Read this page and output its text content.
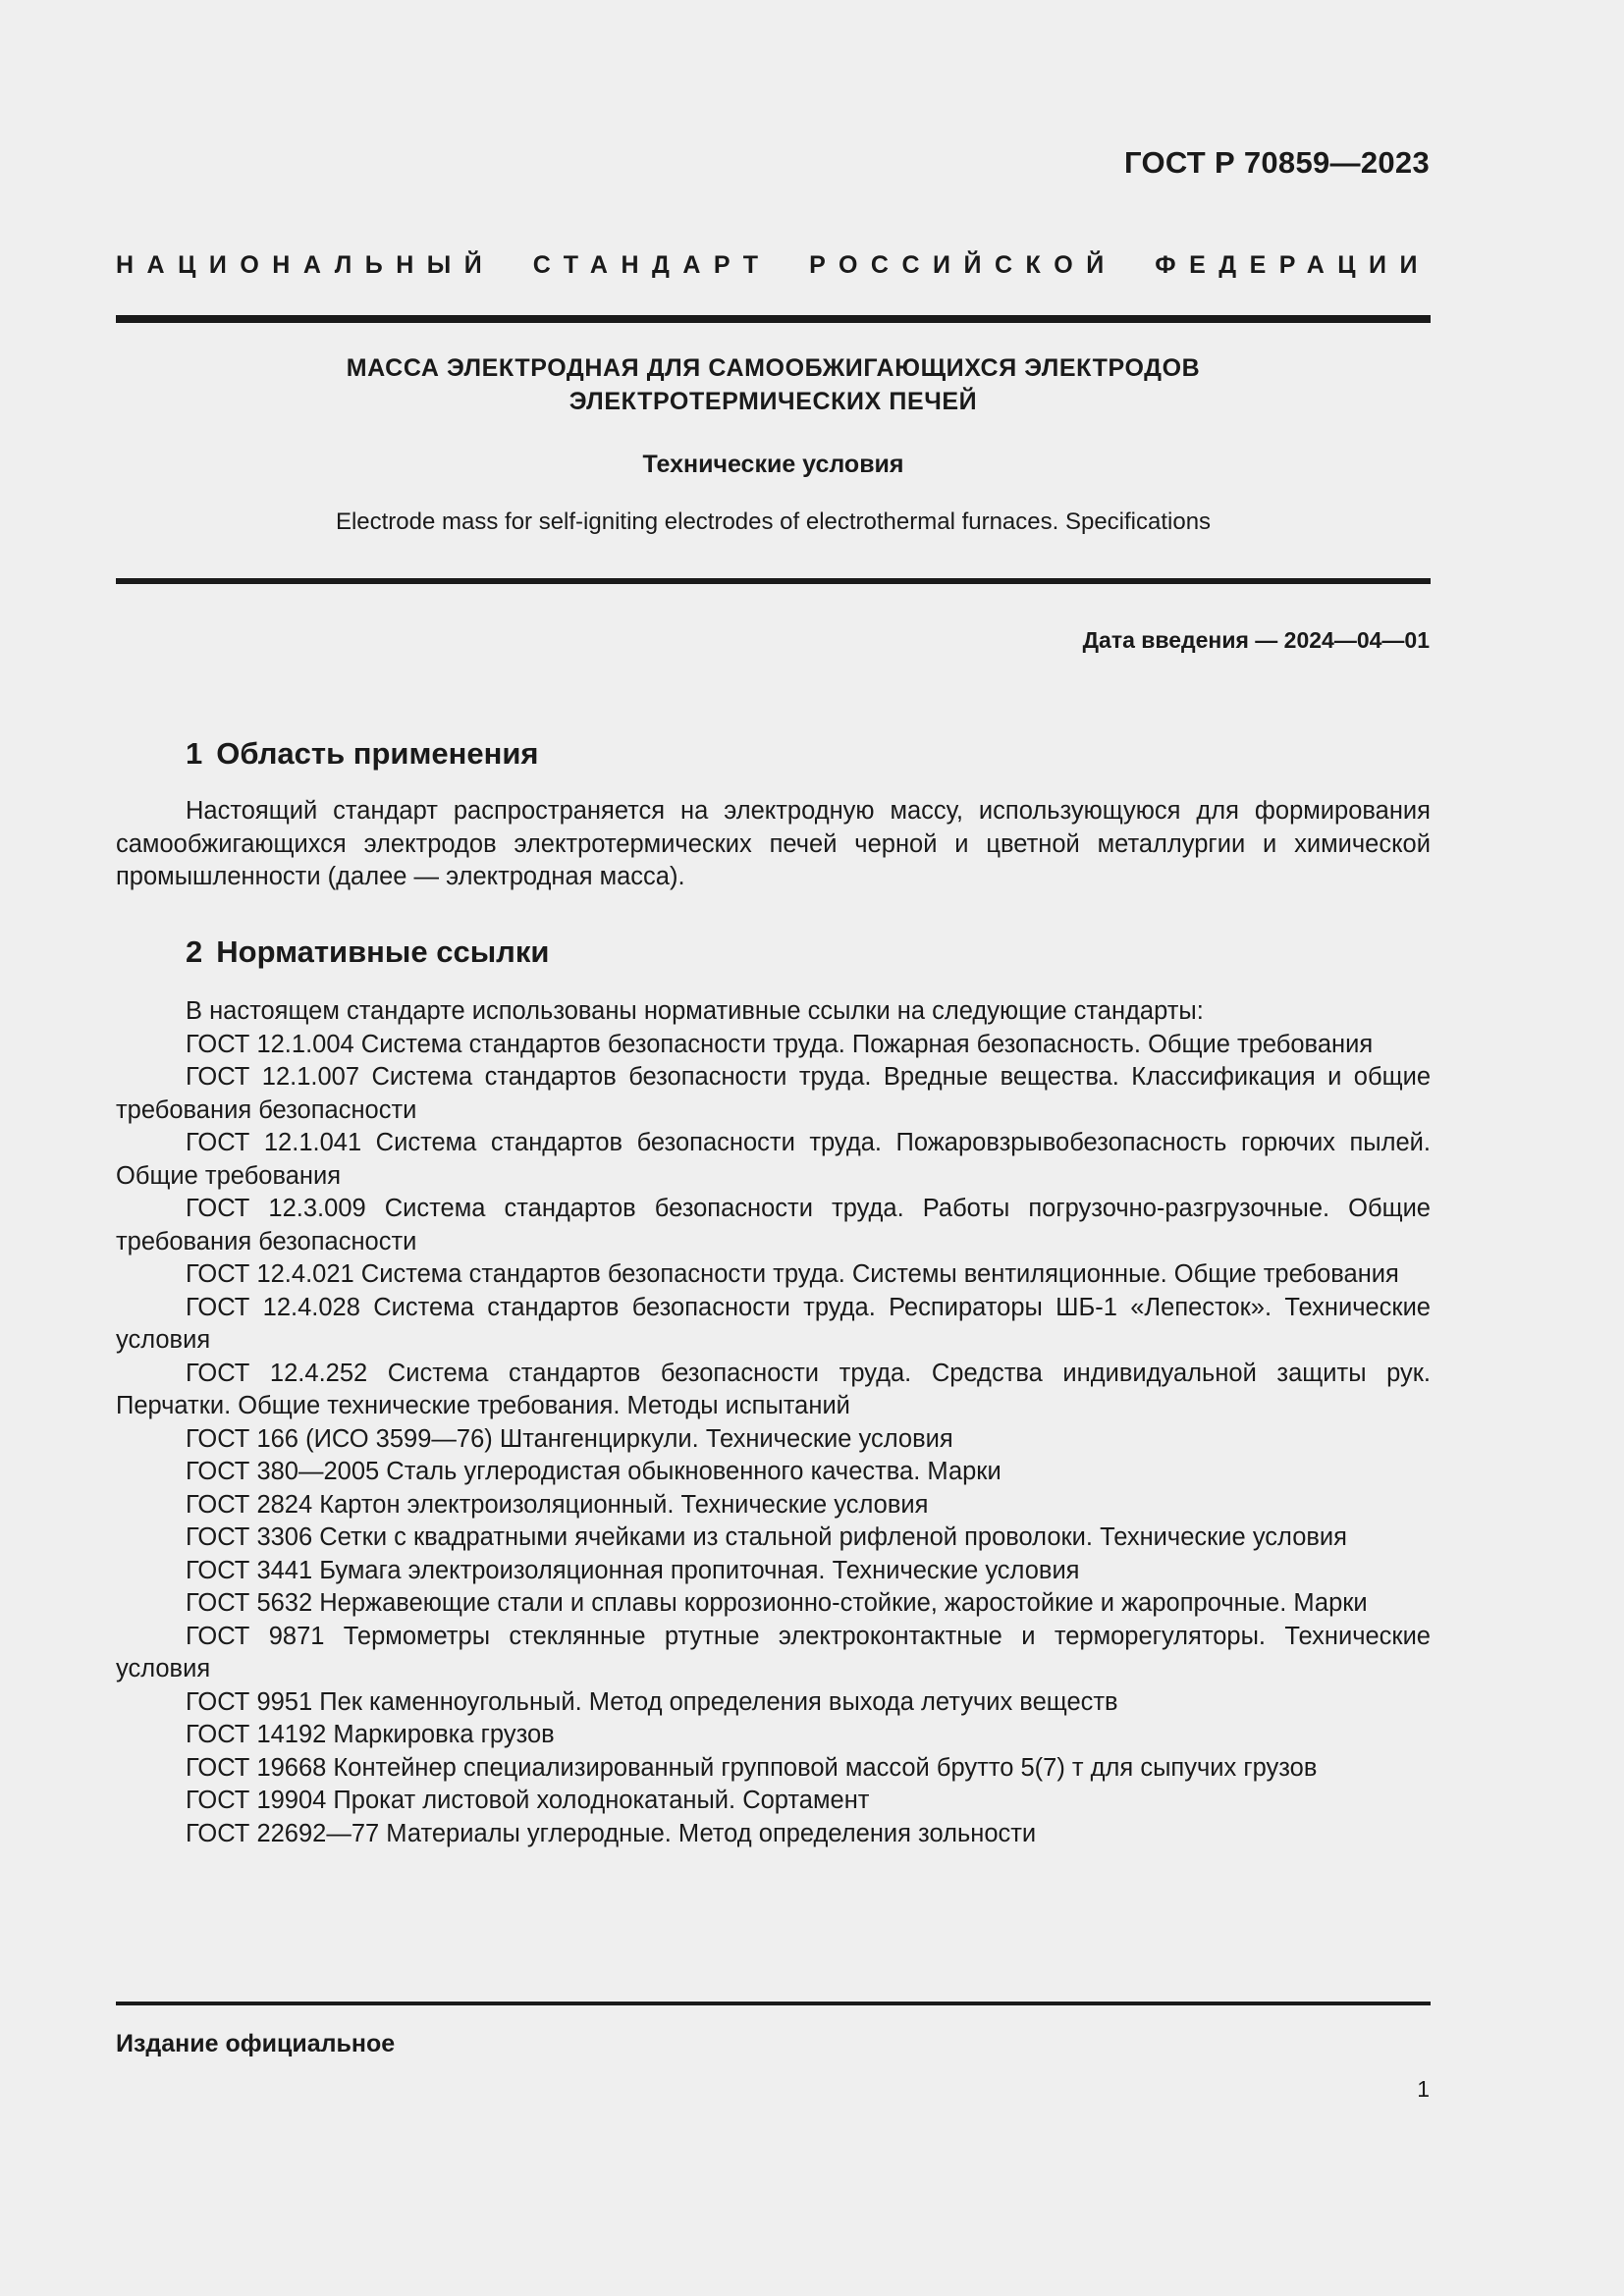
ГОСТ Р 70859—2023
НАЦИОНАЛЬНЫЙ СТАНДАРТ РОССИЙСКОЙ ФЕДЕРАЦИИ
МАССА ЭЛЕКТРОДНАЯ ДЛЯ САМООБЖИГАЮЩИХСЯ ЭЛЕКТРОДОВ
ЭЛЕКТРОТЕРМИЧЕСКИХ ПЕЧЕЙ
Технические условия
Electrode mass for self-igniting electrodes of electrothermal furnaces. Specifications
Дата введения — 2024—04—01
1 Область применения

Настоящий стандарт распространяется на электродную массу, использующуюся для формирования самообжигающихся электродов электротермических печей черной и цветной металлургии и химической промышленности (далее — электродная масса).

2 Нормативные ссылки
В настоящем стандарте использованы нормативные ссылки на следующие стандарты:
ГОСТ 12.1.004 Система стандартов безопасности труда. Пожарная безопасность. Общие требования
ГОСТ 12.1.007 Система стандартов безопасности труда. Вредные вещества. Классификация и общие требования безопасности
ГОСТ 12.1.041 Система стандартов безопасности труда. Пожаровзрывобезопасность горючих пылей. Общие требования
ГОСТ 12.3.009 Система стандартов безопасности труда. Работы погрузочно-разгрузочные. Общие требования безопасности
ГОСТ 12.4.021 Система стандартов безопасности труда. Системы вентиляционные. Общие требования
ГОСТ 12.4.028 Система стандартов безопасности труда. Респираторы ШБ-1 «Лепесток». Технические условия
ГОСТ 12.4.252 Система стандартов безопасности труда. Средства индивидуальной защиты рук. Перчатки. Общие технические требования. Методы испытаний
ГОСТ 166 (ИСО 3599—76) Штангенциркули. Технические условия
ГОСТ 380—2005 Сталь углеродистая обыкновенного качества. Марки
ГОСТ 2824 Картон электроизоляционный. Технические условия
ГОСТ 3306 Сетки с квадратными ячейками из стальной рифленой проволоки. Технические условия
ГОСТ 3441 Бумага электроизоляционная пропиточная. Технические условия
ГОСТ 5632 Нержавеющие стали и сплавы коррозионно-стойкие, жаростойкие и жаропрочные. Марки
ГОСТ 9871 Термометры стеклянные ртутные электроконтактные и терморегуляторы. Технические условия
ГОСТ 9951 Пек каменноугольный. Метод определения выхода летучих веществ
ГОСТ 14192 Маркировка грузов
ГОСТ 19668 Контейнер специализированный групповой массой брутто 5(7) т для сыпучих грузов
ГОСТ 19904 Прокат листовой холоднокатаный. Сортамент
ГОСТ 22692—77 Материалы углеродные. Метод определения зольности
Издание официальное
1
